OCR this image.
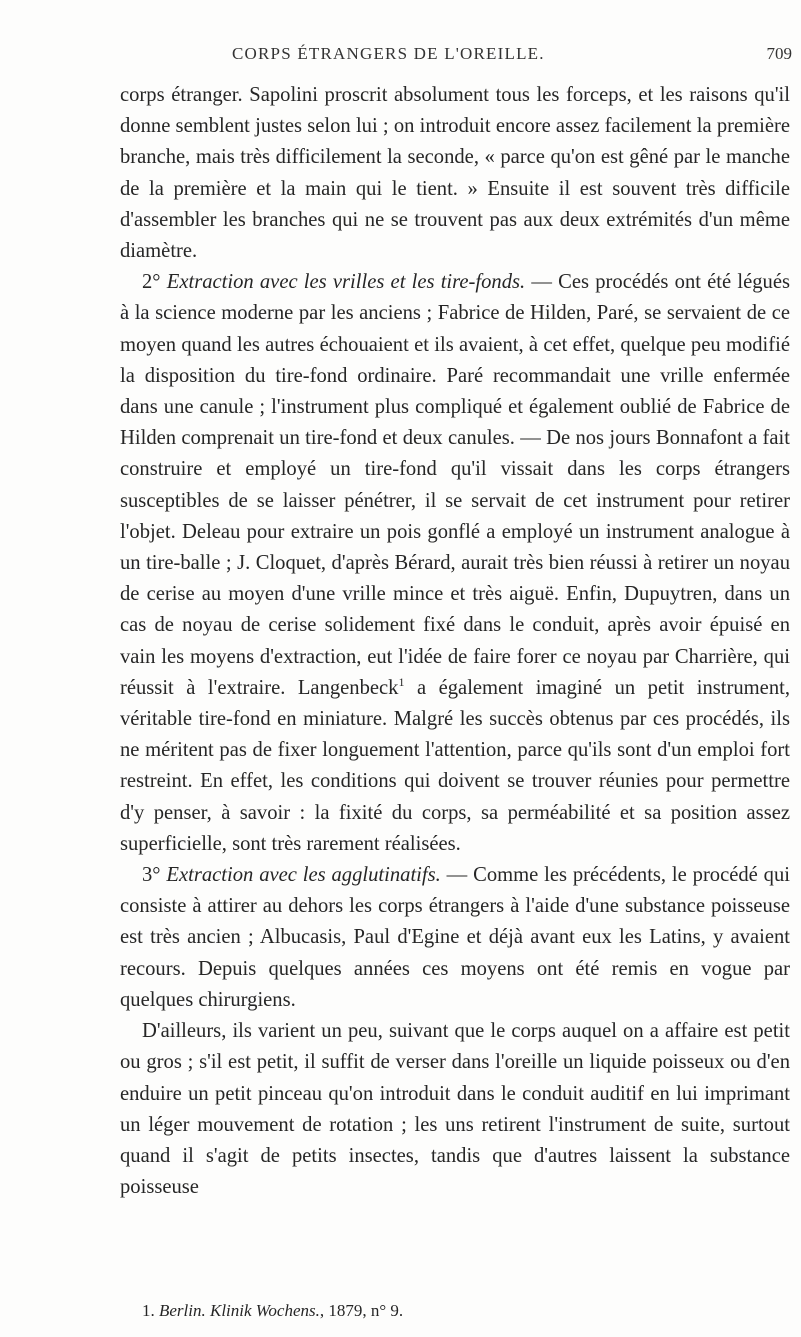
CORPS ÉTRANGERS DE L'OREILLE.	709

corps étranger. Sapolini proscrit absolument tous les forceps, et les raisons qu'il donne semblent justes selon lui ; on introduit encore assez facilement la première branche, mais très difficilement la seconde, « parce qu'on est gêné par le manche de la première et la main qui le tient. » Ensuite il est souvent très difficile d'assembler les branches qui ne se trouvent pas aux deux extrémités d'un même diamètre.

2° Extraction avec les vrilles et les tire-fonds. — Ces procédés ont été légués à la science moderne par les anciens ; Fabrice de Hilden, Paré, se servaient de ce moyen quand les autres échouaient et ils avaient, à cet effet, quelque peu modifié la disposition du tire-fond ordinaire. Paré recommandait une vrille enfermée dans une canule ; l'instrument plus compliqué et également oublié de Fabrice de Hilden comprenait un tire-fond et deux canules. — De nos jours Bonnafont a fait construire et employé un tire-fond qu'il vissait dans les corps étrangers susceptibles de se laisser pénétrer, il se servait de cet instrument pour retirer l'objet. Deleau pour extraire un pois gonflé a employé un instrument analogue à un tire-balle ; J. Cloquet, d'après Bérard, aurait très bien réussi à retirer un noyau de cerise au moyen d'une vrille mince et très aiguë. Enfin, Dupuytren, dans un cas de noyau de cerise solidement fixé dans le conduit, après avoir épuisé en vain les moyens d'extraction, eut l'idée de faire forer ce noyau par Charrière, qui réussit à l'extraire. Langenbeck$^1$ a également imaginé un petit instrument, véritable tire-fond en miniature. Malgré les succès obtenus par ces procédés, ils ne méritent pas de fixer longuement l'attention, parce qu'ils sont d'un emploi fort restreint. En effet, les conditions qui doivent se trouver réunies pour permettre d'y penser, à savoir : la fixité du corps, sa perméabilité et sa position assez superficielle, sont très rarement réalisées.

3° Extraction avec les agglutinatifs. — Comme les précédents, le procédé qui consiste à attirer au dehors les corps étrangers à l'aide d'une substance poisseuse est très ancien ; Albucasis, Paul d'Egine et déjà avant eux les Latins, y avaient recours. Depuis quelques années ces moyens ont été remis en vogue par quelques chirurgiens.

D'ailleurs, ils varient un peu, suivant que le corps auquel on a affaire est petit ou gros ; s'il est petit, il suffit de verser dans l'oreille un liquide poisseux ou d'en enduire un petit pinceau qu'on introduit dans le conduit auditif en lui imprimant un léger mouvement de rotation ; les uns retirent l'instrument de suite, surtout quand il s'agit de petits insectes, tandis que d'autres laissent la substance poisseuse

1. Berlin. Klinik Wochens., 1879, n° 9.
